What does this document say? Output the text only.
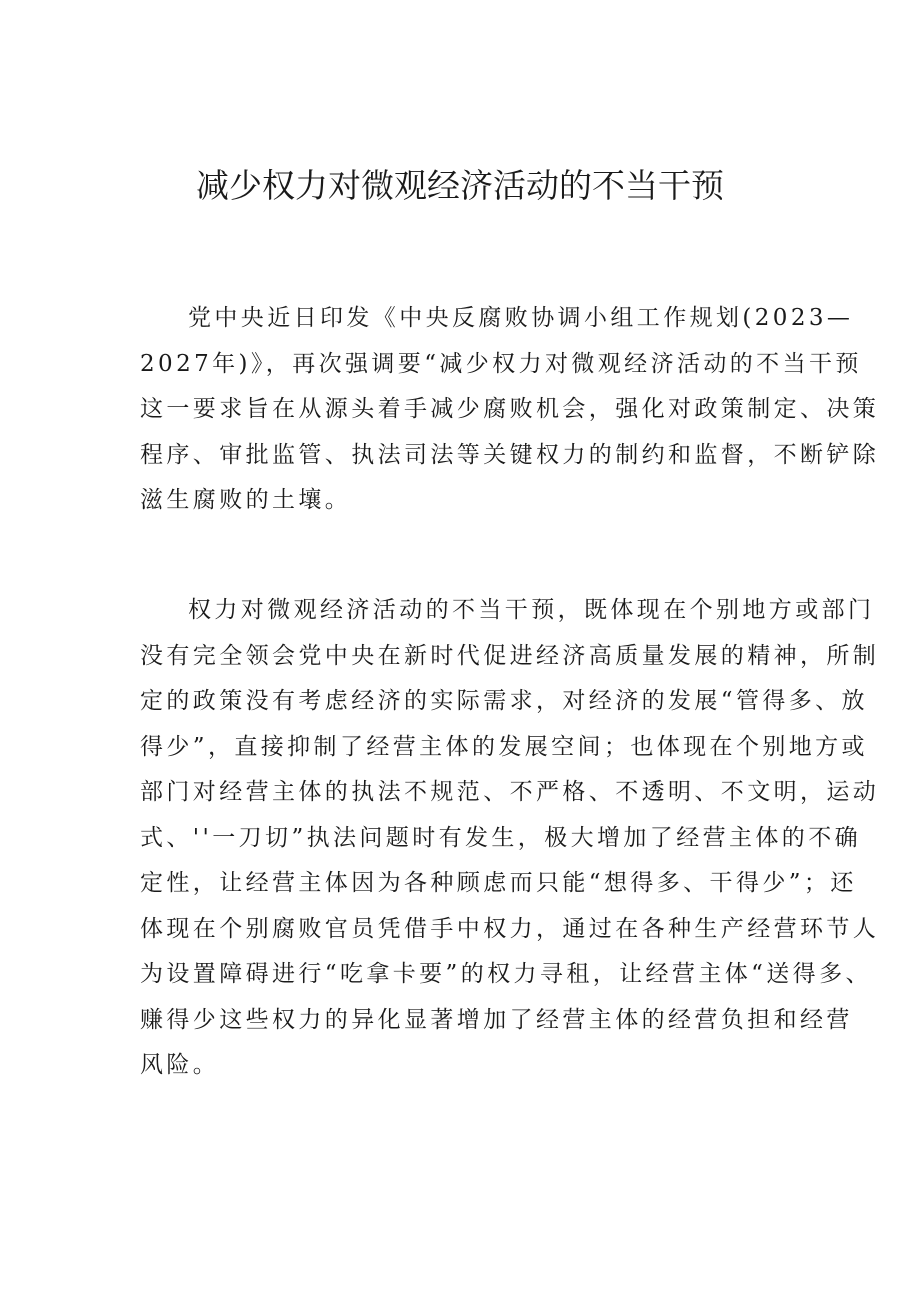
减少权力对微观经济活动的不当干预

党中央近日印发《中央反腐败协调小组工作规划(2023—
2027年)》，再次强调要“减少权力对微观经济活动的不当干预
这一要求旨在从源头着手减少腐败机会，强化对政策制定、决策
程序、审批监管、执法司法等关键权力的制约和监督，不断铲除
滋生腐败的土壤。

权力对微观经济活动的不当干预，既体现在个别地方或部门
没有完全领会党中央在新时代促进经济高质量发展的精神，所制
定的政策没有考虑经济的实际需求，对经济的发展“管得多、放
得少”，直接抑制了经营主体的发展空间；也体现在个别地方或
部门对经营主体的执法不规范、不严格、不透明、不文明，运动
式、''一刀切”执法问题时有发生，极大增加了经营主体的不确
定性，让经营主体因为各种顾虑而只能“想得多、干得少”；还
体现在个别腐败官员凭借手中权力，通过在各种生产经营环节人
为设置障碍进行“吃拿卡要”的权力寻租，让经营主体“送得多、
赚得少这些权力的异化显著增加了经营主体的经营负担和经营
风险。
